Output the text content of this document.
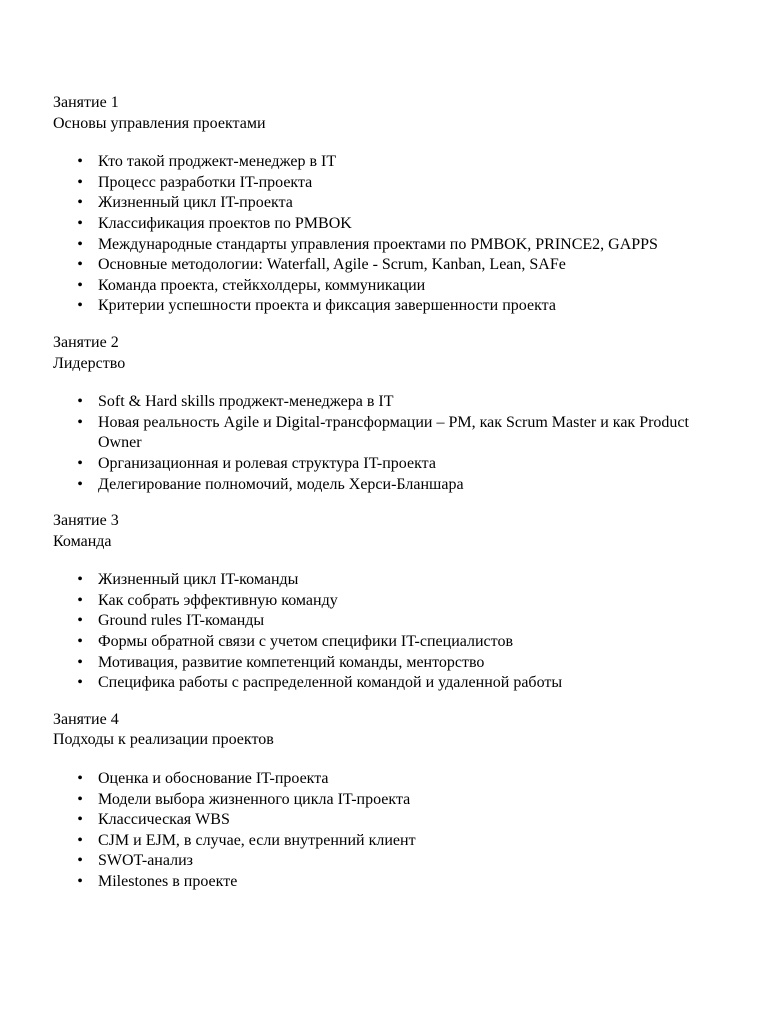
Занятие 1

Основы управления проектами

• Кто такой проджект-менеджер в IT
• Процесс разработки IT-проекта
• Жизненный цикл IT-проекта
• Классификация проектов по PMBOK
• Международные стандарты управления проектами по PMBOK, PRINCE2, GAPPS
• Основные методологии: Waterfall, Agile - Scrum, Kanban, Lean, SAFe
• Команда проекта, стейкхолдеры, коммуникации
• Критерии успешности проекта и фиксация завершенности проекта

Занятие 2

Лидерство

• Soft & Hard skills проджект-менеджера в IT
• Новая реальность Agile и Digital-трансформации – PM, как Scrum Master и как Product Owner
• Организационная и ролевая структура IT-проекта
• Делегирование полномочий, модель Херси-Бланшара

Занятие 3

Команда

• Жизненный цикл IT-команды
• Как собрать эффективную команду
• Ground rules IT-команды
• Формы обратной связи с учетом специфики IT-специалистов
• Мотивация, развитие компетенций команды, менторство
• Специфика работы с распределенной командой и удаленной работы

Занятие 4

Подходы к реализации проектов

• Оценка и обоснование IT-проекта
• Модели выбора жизненного цикла IT-проекта
• Классическая WBS
• CJM и EJM, в случае, если внутренний клиент
• SWOT-анализ
• Milestones в проекте
